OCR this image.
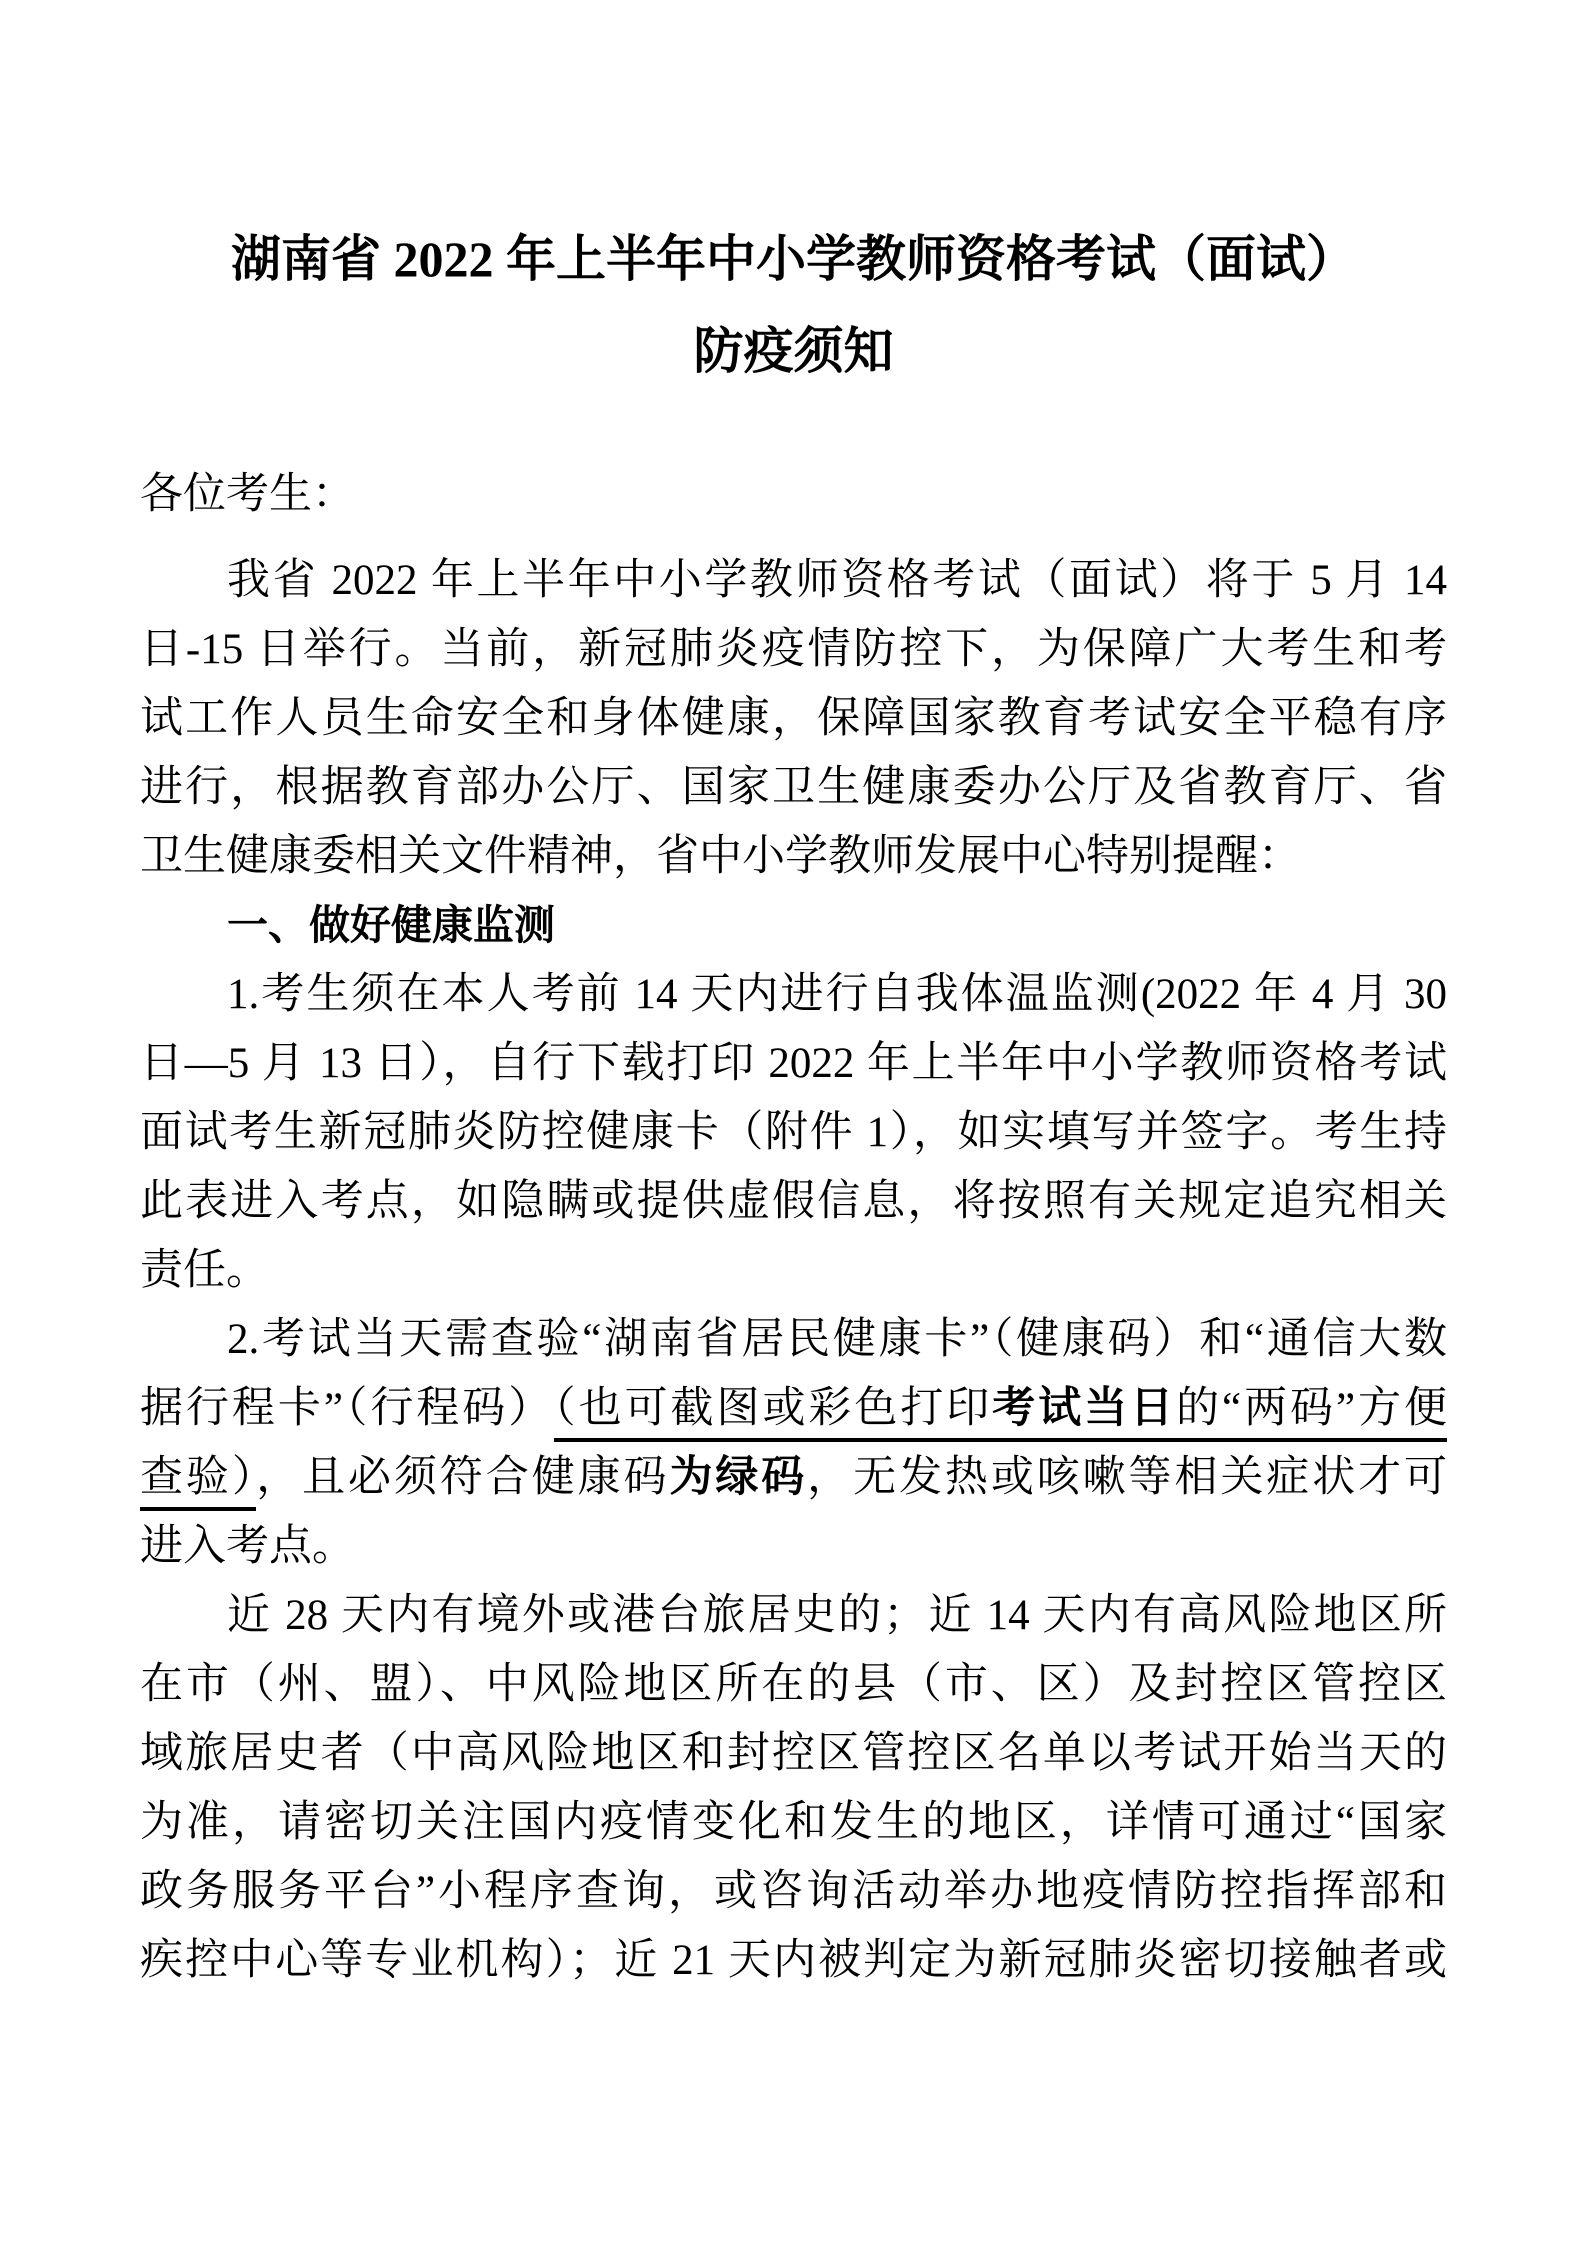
湖南省 2022 年上半年中小学教师资格考试（面试）
防疫须知
各位考生：
我省 2022 年上半年中小学教师资格考试（面试）将于 5 月 14
日-15 日举行。当前，新冠肺炎疫情防控下，为保障广大考生和考
试工作人员生命安全和身体健康，保障国家教育考试安全平稳有序
进行，根据教育部办公厅、国家卫生健康委办公厅及省教育厅、省
卫生健康委相关文件精神，省中小学教师发展中心特别提醒：
一、做好健康监测
1.考生须在本人考前 14 天内进行自我体温监测(2022 年 4 月 30
日—5 月 13 日），自行下载打印 2022 年上半年中小学教师资格考试
面试考生新冠肺炎防控健康卡（附件 1），如实填写并签字。考生持
此表进入考点，如隐瞒或提供虚假信息，将按照有关规定追究相关
责任。
2.考试当天需查验“湖南省居民健康卡”（健康码）和“通信大数
据行程卡”（行程码）（也可截图或彩色打印考试当日的“两码”方便
查验），且必须符合健康码为绿码，无发热或咳嗽等相关症状才可
进入考点。
近 28 天内有境外或港台旅居史的；近 14 天内有高风险地区所
在市（州、盟）、中风险地区所在的县（市、区）及封控区管控区
域旅居史者（中高风险地区和封控区管控区名单以考试开始当天的
为准，请密切关注国内疫情变化和发生的地区，详情可通过“国家
政务服务平台”小程序查询，或咨询活动举办地疫情防控指挥部和
疾控中心等专业机构）；近 21 天内被判定为新冠肺炎密切接触者或
